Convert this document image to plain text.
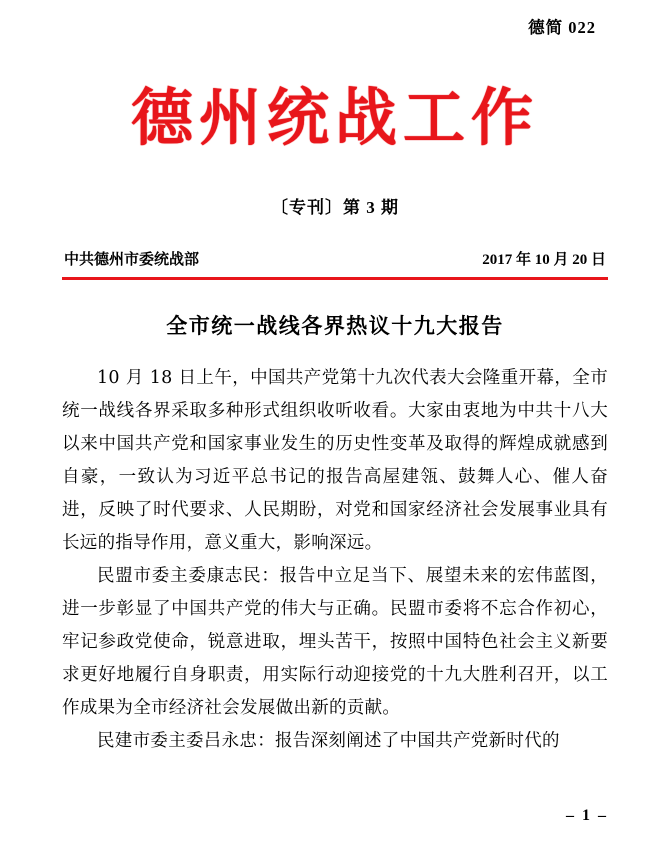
德简 022
德州统战工作
〔专刊〕第 3 期
中共德州市委统战部	2017 年 10 月 20 日
全市统一战线各界热议十九大报告

10 月 18 日上午，中国共产党第十九次代表大会隆重开幕，全市统一战线各界采取多种形式组织收听收看。大家由衷地为中共十八大以来中国共产党和国家事业发生的历史性变革及取得的辉煌成就感到自豪，一致认为习近平总书记的报告高屋建瓴、鼓舞人心、催人奋进，反映了时代要求、人民期盼，对党和国家经济社会发展事业具有长远的指导作用，意义重大，影响深远。

民盟市委主委康志民：报告中立足当下、展望未来的宏伟蓝图，进一步彰显了中国共产党的伟大与正确。民盟市委将不忘合作初心，牢记参政党使命，锐意进取，埋头苦干，按照中国特色社会主义新要求更好地履行自身职责，用实际行动迎接党的十九大胜利召开，以工作成果为全市经济社会发展做出新的贡献。

民建市委主委吕永忠：报告深刻阐述了中国共产党新时代的

– 1 –
